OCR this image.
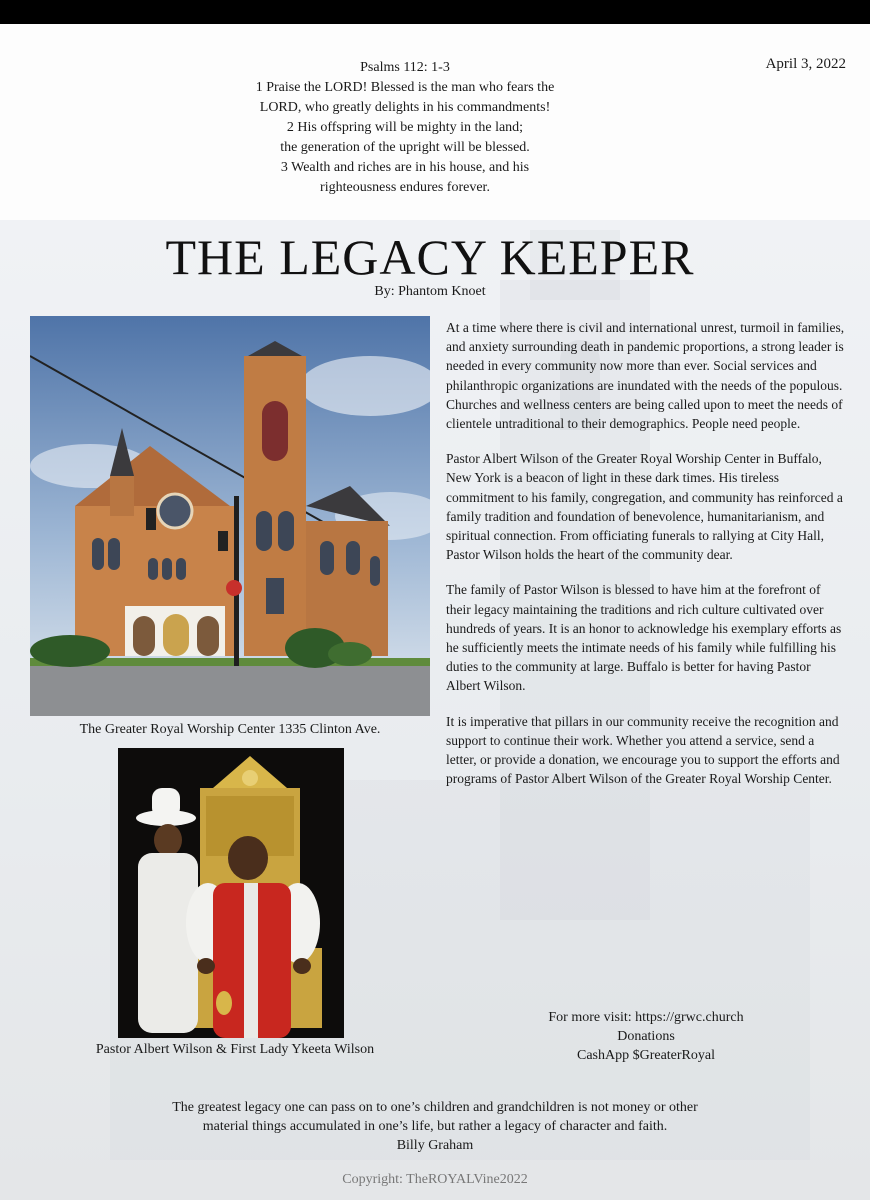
Psalms 112: 1-3
1 Praise the LORD! Blessed is the man who fears the
LORD, who greatly delights in his commandments!
2 His offspring will be mighty in the land;
the generation of the upright will be blessed.
3 Wealth and riches are in his house, and his
righteousness endures forever.
April 3, 2022
THE LEGACY KEEPER
By: Phantom Knoet
The Greater Royal Worship Center 1335 Clinton Ave.
Pastor Albert Wilson & First Lady Ykeeta Wilson

At a time where there is civil and international unrest, turmoil in families, and anxiety surrounding death in pandemic proportions, a strong leader is needed in every community now more than ever. Social services and philanthropic organizations are inundated with the needs of the populous. Churches and wellness centers are being called upon to meet the needs of clientele untraditional to their demographics. People need people.

Pastor Albert Wilson of the Greater Royal Worship Center in Buffalo, New York is a beacon of light in these dark times. His tireless commitment to his family, congregation, and community has reinforced a family tradition and foundation of benevolence, humanitarianism, and spiritual connection. From officiating funerals to rallying at City Hall, Pastor Wilson holds the heart of the community dear.

The family of Pastor Wilson is blessed to have him at the forefront of their legacy maintaining the traditions and rich culture cultivated over hundreds of years. It is an honor to acknowledge his exemplary efforts as he sufficiently meets the intimate needs of his family while fulfilling his duties to the community at large. Buffalo is better for having Pastor Albert Wilson.

It is imperative that pillars in our community receive the recognition and support to continue their work. Whether you attend a service, send a letter, or provide a donation, we encourage you to support the efforts and programs of Pastor Albert Wilson of the Greater Royal Worship Center.

For more visit: https://grwc.church
Donations
CashApp $GreaterRoyal
The greatest legacy one can pass on to one’s children and grandchildren is not money or other
material things accumulated in one’s life, but rather a legacy of character and faith.
Billy Graham
Copyright: TheROYALVine2022
